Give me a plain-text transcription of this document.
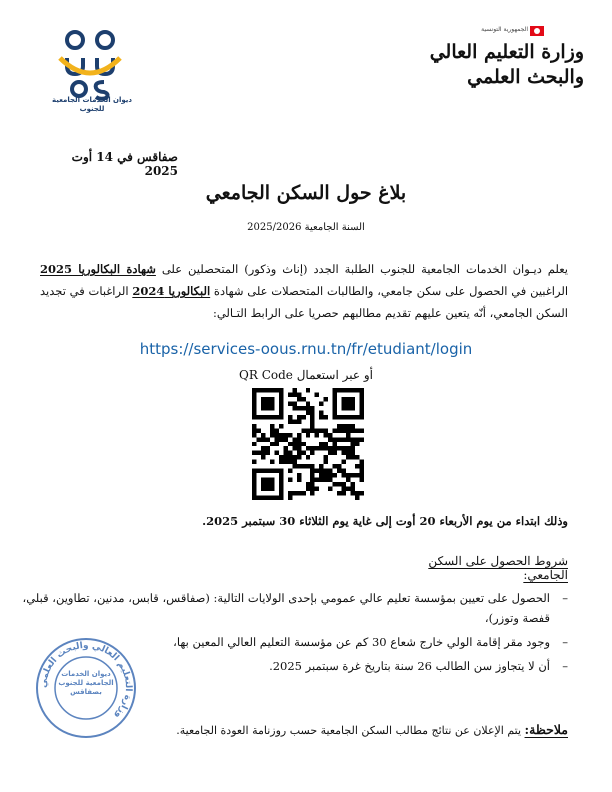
ديوان الخدمات الجامعية للجنوب
الجمهورية التونسية
وزارة التعليم العالي
والبحث العلمي
صفاقس في 14 أوت 2025
بلاغ حول السكن الجامعي
السنة الجامعية 2025/2026
يعلم ديـوان الخدمات الجامعية للجنوب الطلبة الجدد (إناث وذكور) المتحصلين على شهادة البكالوريا 2025 الراغبين في الحصول على سكن جامعي، والطالبات المتحصلات على شهادة البكالوريا 2024 الراغبات في تجديد السكن الجامعي، أنّه يتعين عليهم تقديم مطالبهم حصريا على الرابط التـالي:
https://services-oous.rnu.tn/fr/etudiant/login
أو عبر استعمال QR Code
وذلك ابتداء من يوم الأربعاء 20 أوت إلى غاية يوم الثلاثاء 30 سبتمبر 2025.
شروط الحصول على السكن الجامعي:
– الحصول على تعيين بمؤسسة تعليم عالي عمومي بإحدى الولايات التالية: (صفاقس، قابس، مدنين، تطاوين، قبلي، قفصة وتوزر)،
– وجود مقر إقامة الولي خارج شعاع 30 كم عن مؤسسة التعليم العالي المعين بها،
– أن لا يتجاوز سن الطالب 26 سنة بتاريخ غرة سبتمبر 2025.
وزارة التعليم العالي والبحث العلمي
ديوان الخدمات الجامعية للجنوب بصفاقس
ملاحظة: يتم الإعلان عن نتائج مطالب السكن الجامعية حسب روزنامة العودة الجامعية.
